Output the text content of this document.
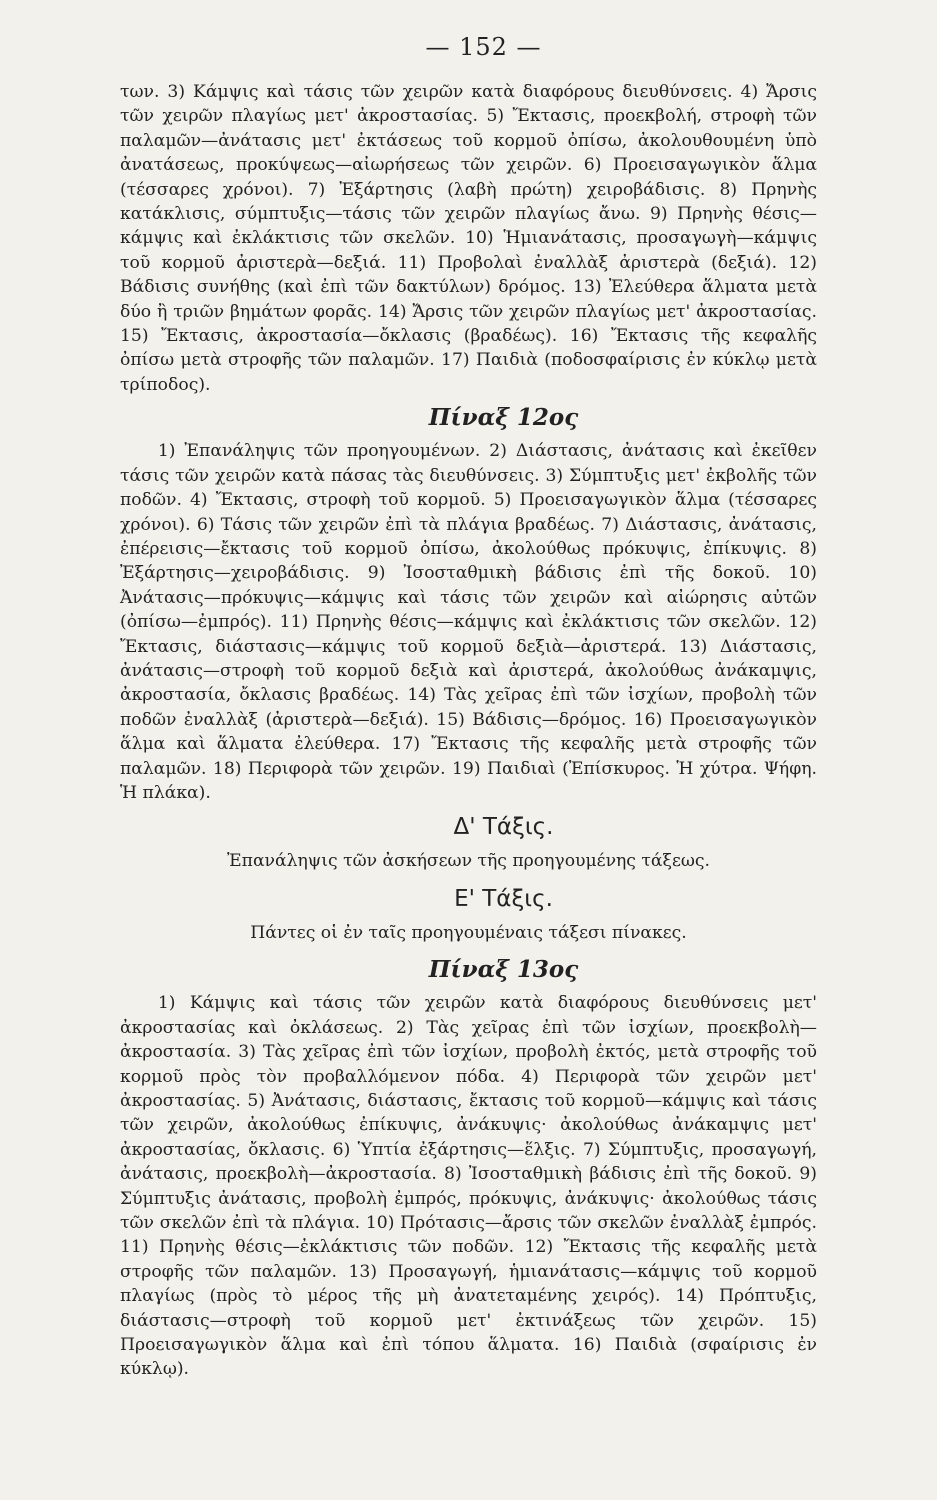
— 152 —

των. 3) Κάμψις καὶ τάσις τῶν χειρῶν κατὰ διαφόρους διευθύνσεις. 4) Ἄρσις τῶν χειρῶν πλαγίως μετ' ἀκροστασίας. 5) Ἔκτασις, προεκβολή, στροφὴ τῶν παλαμῶν—ἀνάτασις μετ' ἐκτάσεως τοῦ κορμοῦ ὀπίσω, ἀκολουθουμένη ὑπὸ ἀνατάσεως, προκύψεως—αἰωρήσεως τῶν χειρῶν. 6) Προεισαγωγικὸν ἅλμα (τέσσαρες χρόνοι). 7) Ἐξάρτησις (λαβὴ πρώτη) χειροβάδισις. 8) Πρηνὴς κατάκλισις, σύμπτυξις—τάσις τῶν χειρῶν πλαγίως ἄνω. 9) Πρηνὴς θέσις—κάμψις καὶ ἐκλάκτισις τῶν σκελῶν. 10) Ἡμιανάτασις, προσαγωγὴ—κάμψις τοῦ κορμοῦ ἀριστερὰ—δεξιά. 11) Προβολαὶ ἐναλλὰξ ἀριστερὰ (δεξιά). 12) Βάδισις συνήθης (καὶ ἐπὶ τῶν δακτύλων) δρόμος. 13) Ἐλεύθερα ἅλματα μετὰ δύο ἢ τριῶν βημάτων φορᾶς. 14) Ἄρσις τῶν χειρῶν πλαγίως μετ' ἀκροστασίας. 15) Ἔκτασις, ἀκροστασία—ὄκλασις (βραδέως). 16) Ἔκτασις τῆς κεφαλῆς ὀπίσω μετὰ στροφῆς τῶν παλαμῶν. 17) Παιδιὰ (ποδοσφαίρισις ἐν κύκλῳ μετὰ τρίποδος).

Πίναξ 12ος

1) Ἐπανάληψις τῶν προηγουμένων. 2) Διάστασις, ἀνάτασις καὶ ἐκεῖθεν τάσις τῶν χειρῶν κατὰ πάσας τὰς διευθύνσεις. 3) Σύμπτυξις μετ' ἐκβολῆς τῶν ποδῶν. 4) Ἔκτασις, στροφὴ τοῦ κορμοῦ. 5) Προεισαγωγικὸν ἅλμα (τέσσαρες χρόνοι). 6) Τάσις τῶν χειρῶν ἐπὶ τὰ πλάγια βραδέως. 7) Διάστασις, ἀνάτασις, ἐπέρεισις—ἔκτασις τοῦ κορμοῦ ὀπίσω, ἀκολούθως πρόκυψις, ἐπίκυψις. 8) Ἐξάρτησις—χειροβάδισις. 9) Ἰσοσταθμικὴ βάδισις ἐπὶ τῆς δοκοῦ. 10) Ἀνάτασις—πρόκυψις—κάμψις καὶ τάσις τῶν χειρῶν καὶ αἰώρησις αὐτῶν (ὀπίσω—ἐμπρός). 11) Πρηνὴς θέσις—κάμψις καὶ ἐκλάκτισις τῶν σκελῶν. 12) Ἔκτασις, διάστασις—κάμψις τοῦ κορμοῦ δεξιὰ—ἀριστερά. 13) Διάστασις, ἀνάτασις—στροφὴ τοῦ κορμοῦ δεξιὰ καὶ ἀριστερά, ἀκολούθως ἀνάκαμψις, ἀκροστασία, ὄκλασις βραδέως. 14) Τὰς χεῖρας ἐπὶ τῶν ἰσχίων, προβολὴ τῶν ποδῶν ἐναλλὰξ (ἀριστερὰ—δεξιά). 15) Βάδισις—δρόμος. 16) Προεισαγωγικὸν ἅλμα καὶ ἅλματα ἐλεύθερα. 17) Ἔκτασις τῆς κεφαλῆς μετὰ στροφῆς τῶν παλαμῶν. 18) Περιφορὰ τῶν χειρῶν. 19) Παιδιαὶ (Ἐπίσκυρος. Ἡ χύτρα. Ψήφη. Ἡ πλάκα).

Δ' Τάξις.
Ἐπανάληψις τῶν ἀσκήσεων τῆς προηγουμένης τάξεως.
Ε' Τάξις.
Πάντες οἱ ἐν ταῖς προηγουμέναις τάξεσι πίνακες.
Πίναξ 13ος

1) Κάμψις καὶ τάσις τῶν χειρῶν κατὰ διαφόρους διευθύνσεις μετ' ἀκροστασίας καὶ ὀκλάσεως. 2) Τὰς χεῖρας ἐπὶ τῶν ἰσχίων, προεκβολὴ—ἀκροστασία. 3) Τὰς χεῖρας ἐπὶ τῶν ἰσχίων, προβολὴ ἐκτός, μετὰ στροφῆς τοῦ κορμοῦ πρὸς τὸν προβαλλόμενον πόδα. 4) Περιφορὰ τῶν χειρῶν μετ' ἀκροστασίας. 5) Ἀνάτασις, διάστασις, ἔκτασις τοῦ κορμοῦ—κάμψις καὶ τάσις τῶν χειρῶν, ἀκολούθως ἐπίκυψις, ἀνάκυψις· ἀκολούθως ἀνάκαμψις μετ' ἀκροστασίας, ὄκλασις. 6) Ὑπτία ἐξάρτησις—ἕλξις. 7) Σύμπτυξις, προσαγωγή, ἀνάτασις, προεκβολὴ—ἀκροστασία. 8) Ἰσοσταθμικὴ βάδισις ἐπὶ τῆς δοκοῦ. 9) Σύμπτυξις ἀνάτασις, προβολὴ ἐμπρός, πρόκυψις, ἀνάκυψις· ἀκολούθως τάσις τῶν σκελῶν ἐπὶ τὰ πλάγια. 10) Πρότασις—ἄρσις τῶν σκελῶν ἐναλλὰξ ἐμπρός. 11) Πρηνὴς θέσις—ἐκλάκτισις τῶν ποδῶν. 12) Ἔκτασις τῆς κεφαλῆς μετὰ στροφῆς τῶν παλαμῶν. 13) Προσαγωγή, ἡμιανάτασις—κάμψις τοῦ κορμοῦ πλαγίως (πρὸς τὸ μέρος τῆς μὴ ἀνατεταμένης χειρός). 14) Πρόπτυξις, διάστασις—στροφὴ τοῦ κορμοῦ μετ' ἐκτινάξεως τῶν χειρῶν. 15) Προεισαγωγικὸν ἅλμα καὶ ἐπὶ τόπου ἅλματα. 16) Παιδιὰ (σφαίρισις ἐν κύκλῳ).
